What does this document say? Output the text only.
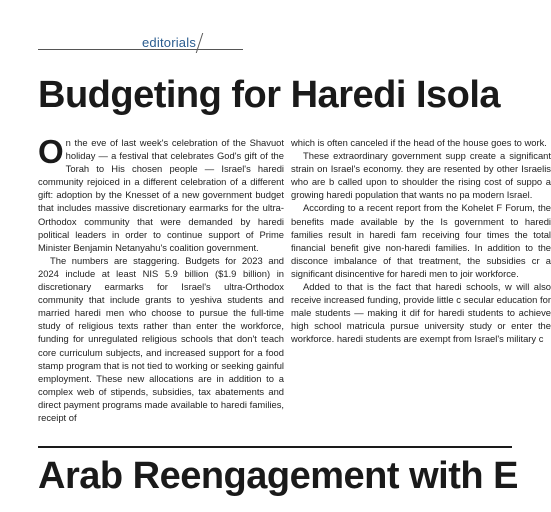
editorials
Budgeting for Haredi Isola

On the eve of last week's celebration of the Shavuot holiday — a festival that celebrates God's gift of the Torah to His chosen people — Israel's haredi community rejoiced in a different celebration of a different gift: adoption by the Knesset of a new government budget that includes massive discretionary earmarks for the ultra-Orthodox community that were demanded by haredi political leaders in order to continue support of Prime Minister Benjamin Netanyahu's coalition government.

The numbers are staggering. Budgets for 2023 and 2024 include at least NIS 5.9 billion ($1.9 billion) in discretionary earmarks for Israel's ultra-Orthodox community that include grants to yeshiva students and married haredi men who choose to pursue the full-time study of religious texts rather than enter the workforce, funding for unregulated religious schools that don't teach core curriculum subjects, and increased support for a food stamp program that is not tied to working or seeking gainful employment. These new allocations are in addition to a complex web of stipends, subsidies, tax abatements and direct payment programs made available to haredi families, receipt of

which is often canceled if the head of the house goes to work.

These extraordinary government supp create a significant strain on Israel's economy. they are resented by other Israelis who are b called upon to shoulder the rising cost of suppo a growing haredi population that wants no pa modern Israel.

According to a recent report from the Kohelet F Forum, the benefits made available by the Is government to haredi families result in haredi fam receiving four times the total financial benefit give non-haredi families. In addition to the disconce imbalance of that treatment, the subsidies cr a significant disincentive for haredi men to joir workforce.

Added to that is the fact that haredi schools, w will also receive increased funding, provide little c secular education for male students — making it dif for haredi students to achieve high school matricula pursue university study or enter the workforce. haredi students are exempt from Israel's military c

Arab Reengagement with E
